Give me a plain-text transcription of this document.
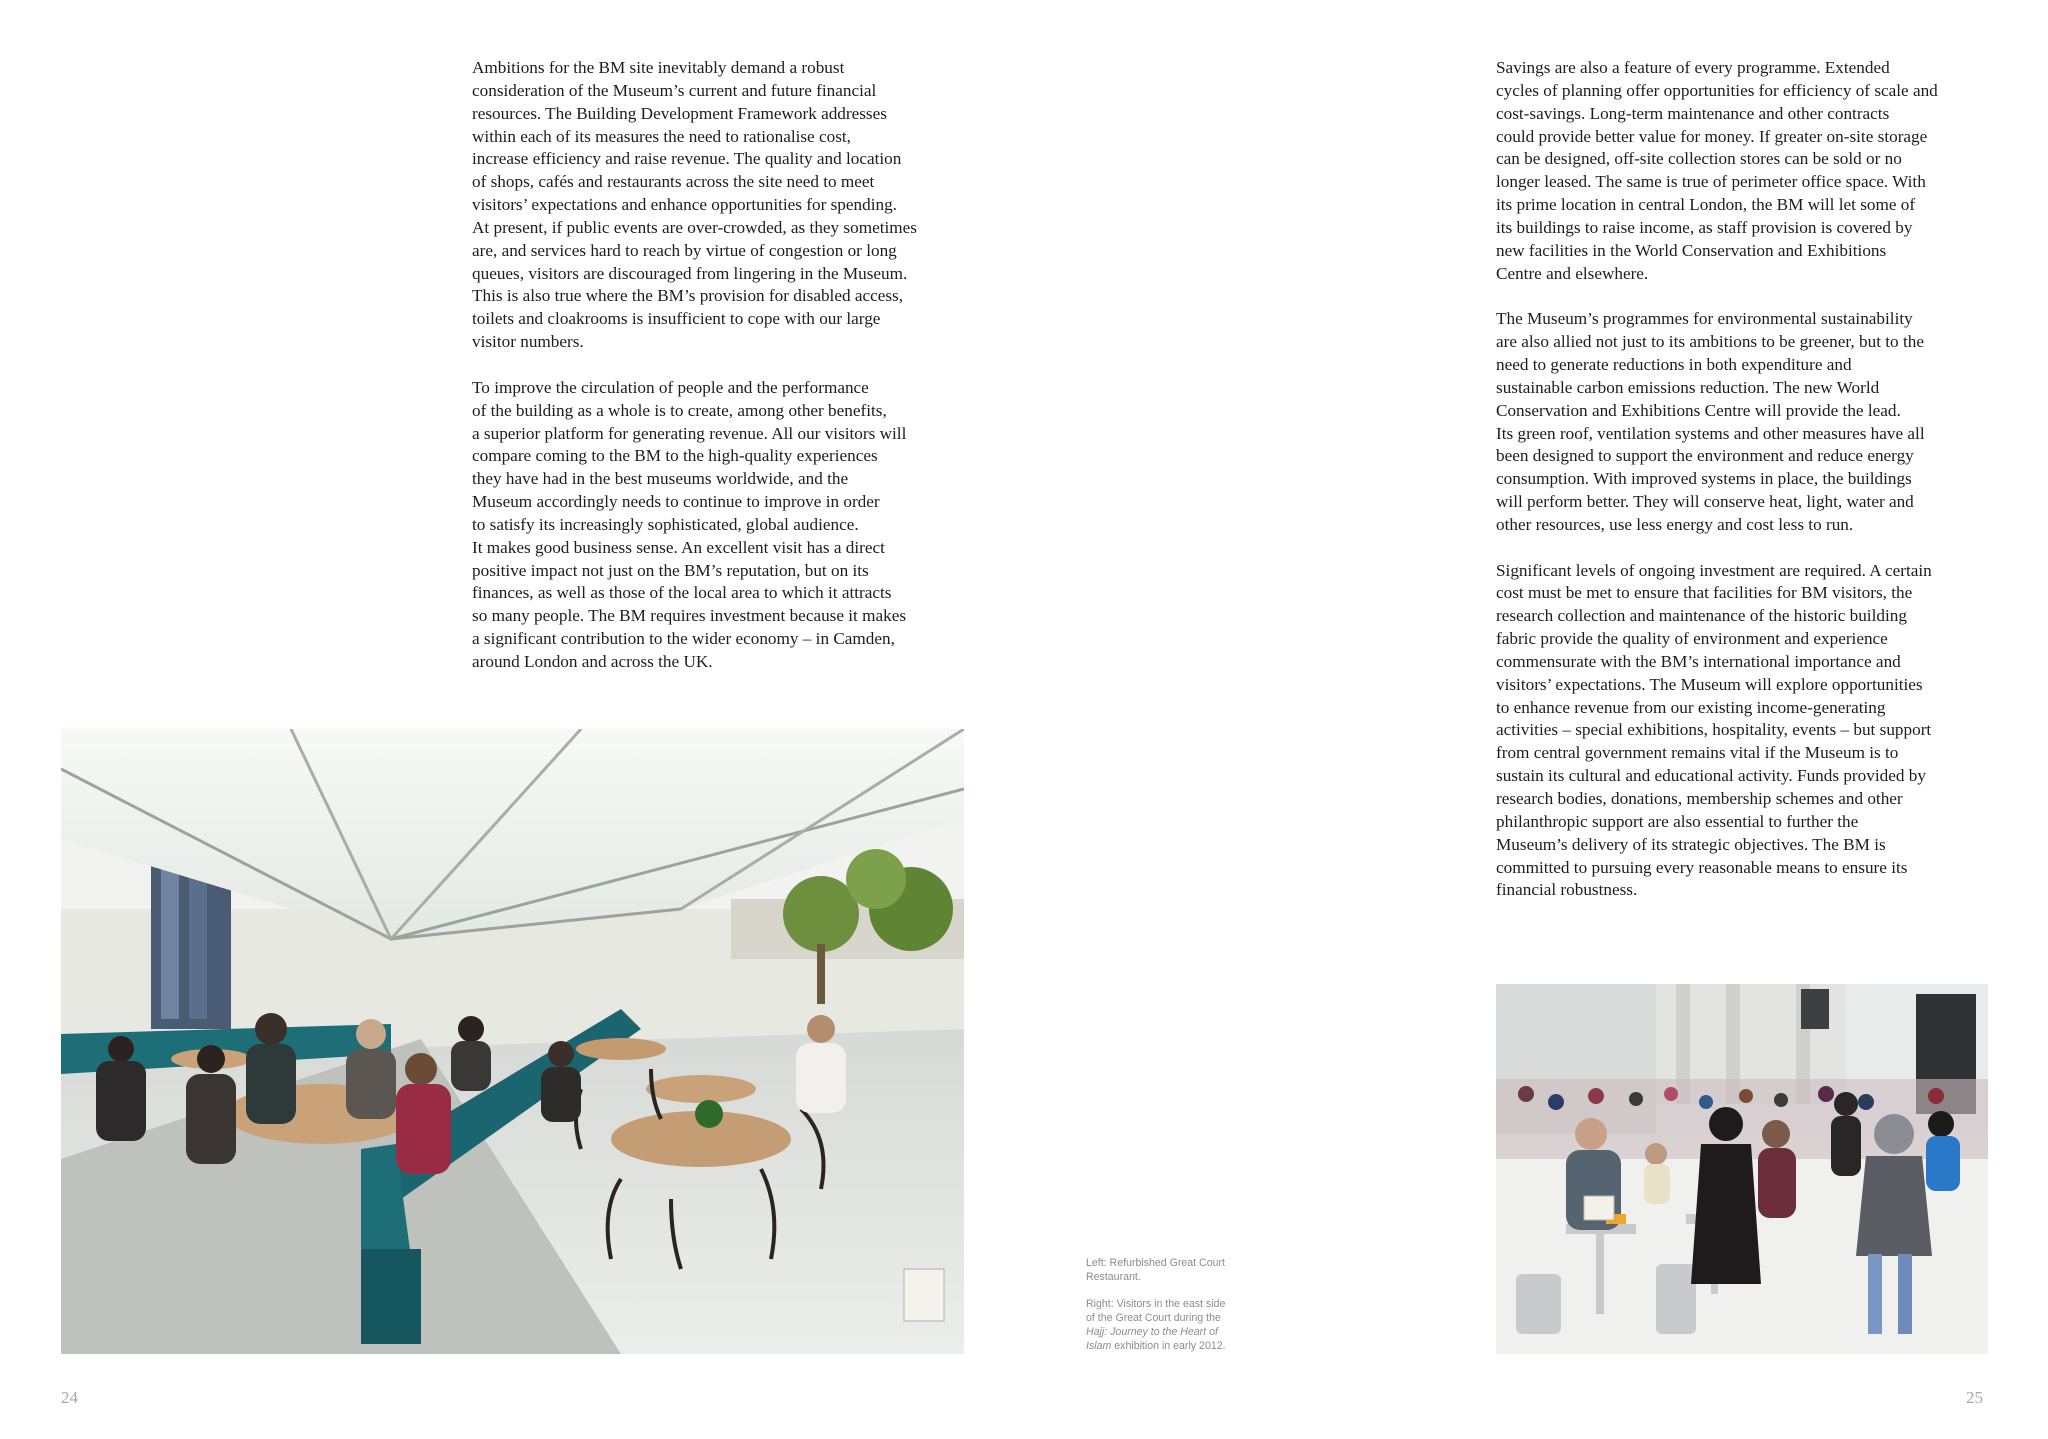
Ambitions for the BM site inevitably demand a robust
consideration of the Museum’s current and future financial
resources. The Building Development Framework addresses
within each of its measures the need to rationalise cost,
increase efficiency and raise revenue. The quality and location
of shops, cafés and restaurants across the site need to meet
visitors’ expectations and enhance opportunities for spending.
At present, if public events are over-crowded, as they sometimes
are, and services hard to reach by virtue of congestion or long
queues, visitors are discouraged from lingering in the Museum.
This is also true where the BM’s provision for disabled access,
toilets and cloakrooms is insufficient to cope with our large
visitor numbers.

To improve the circulation of people and the performance
of the building as a whole is to create, among other benefits,
a superior platform for generating revenue. All our visitors will
compare coming to the BM to the high-quality experiences
they have had in the best museums worldwide, and the
Museum accordingly needs to continue to improve in order
to satisfy its increasingly sophisticated, global audience.
It makes good business sense. An excellent visit has a direct
positive impact not just on the BM’s reputation, but on its
finances, as well as those of the local area to which it attracts
so many people. The BM requires investment because it makes
a significant contribution to the wider economy – in Camden,
around London and across the UK.

Savings are also a feature of every programme. Extended
cycles of planning offer opportunities for efficiency of scale and
cost-savings. Long-term maintenance and other contracts
could provide better value for money. If greater on-site storage
can be designed, off-site collection stores can be sold or no
longer leased. The same is true of perimeter office space. With
its prime location in central London, the BM will let some of
its buildings to raise income, as staff provision is covered by
new facilities in the World Conservation and Exhibitions
Centre and elsewhere.

The Museum’s programmes for environmental sustainability
are also allied not just to its ambitions to be greener, but to the
need to generate reductions in both expenditure and
sustainable carbon emissions reduction. The new World
Conservation and Exhibitions Centre will provide the lead.
Its green roof, ventilation systems and other measures have all
been designed to support the environment and reduce energy
consumption. With improved systems in place, the buildings
will perform better. They will conserve heat, light, water and
other resources, use less energy and cost less to run.

Significant levels of ongoing investment are required. A certain
cost must be met to ensure that facilities for BM visitors, the
research collection and maintenance of the historic building
fabric provide the quality of environment and experience
commensurate with the BM’s international importance and
visitors’ expectations. The Museum will explore opportunities
to enhance revenue from our existing income-generating
activities – special exhibitions, hospitality, events – but support
from central government remains vital if the Museum is to
sustain its cultural and educational activity. Funds provided by
research bodies, donations, membership schemes and other
philanthropic support are also essential to further the
Museum’s delivery of its strategic objectives. The BM is
committed to pursuing every reasonable means to ensure its
financial robustness.

Left: Refurbished Great Court
Restaurant.

Right: Visitors in the east side
of the Great Court during the
Hajj: Journey to the Heart of
Islam exhibition in early 2012.

24	25
